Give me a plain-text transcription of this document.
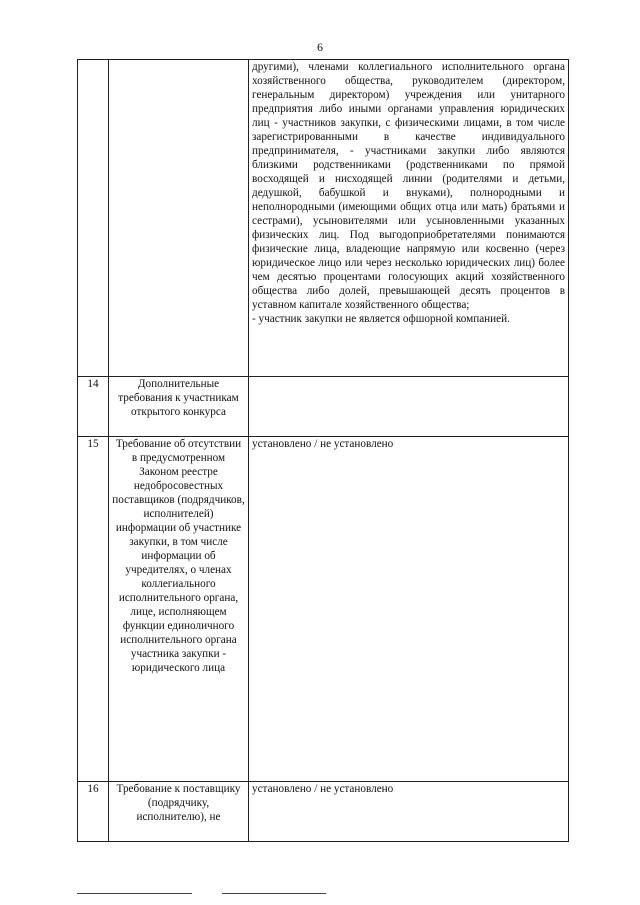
6

		другими), членами коллегиального исполнительного органа хозяйственного общества, руководителем (директором, генеральным директором) учреждения или унитарного предприятия либо иными органами управления юридических лиц - участников закупки, с физическими лицами, в том числе зарегистрированными в качестве индивидуального предпринимателя, - участниками закупки либо являются близкими родственниками (родственниками по прямой восходящей и нисходящей линии (родителями и детьми, дедушкой, бабушкой и внуками), полнородными и неполнородными (имеющими общих отца или мать) братьями и сестрами), усыновителями или усыновленными указанных физических лиц. Под выгодоприобретателями понимаются физические лица, владеющие напрямую или косвенно (через юридическое лицо или через несколько юридических лиц) более чем десятью процентами голосующих акций хозяйственного общества либо долей, превышающей десять процентов в уставном капитале хозяйственного общества;
- участник закупки не является офшорной компанией.

14	Дополнительные требования к участникам открытого конкурса	
15	Требование об отсутствии в предусмотренном Законом реестре недобросовестных поставщиков (подрядчиков, исполнителей) информации об участнике закупки, в том числе информации об учредителях, о членах коллегиального исполнительного органа, лице, исполняющем функции единоличного исполнительного органа участника закупки - юридического лица	установлено / не установлено
16	Требование к поставщику (подрядчику, исполнителю), не	установлено / не установлено
